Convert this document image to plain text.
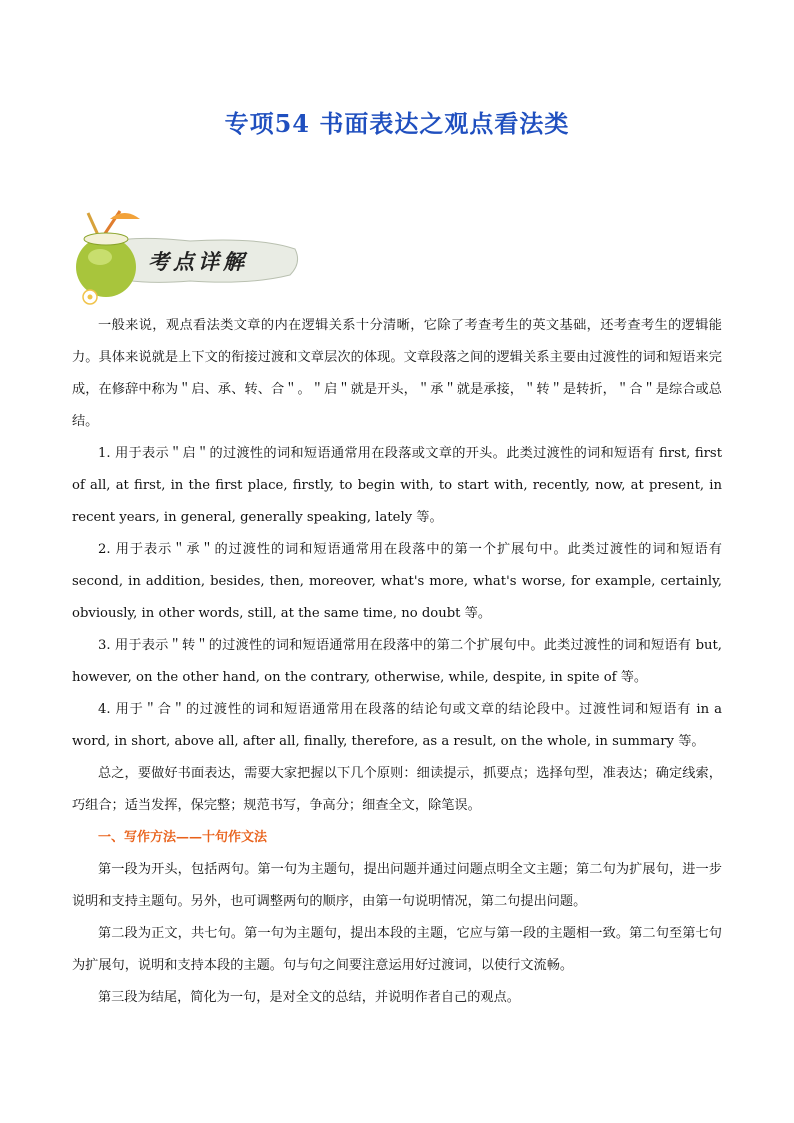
专项54 书面表达之观点看法类
考点详解

一般来说，观点看法类文章的内在逻辑关系十分清晰，它除了考查考生的英文基础，还考查考生的逻辑能力。具体来说就是上下文的衔接过渡和文章层次的体现。文章段落之间的逻辑关系主要由过渡性的词和短语来完成，在修辞中称为＂启、承、转、合＂。＂启＂就是开头，＂承＂就是承接，＂转＂是转折，＂合＂是综合或总结。

1. 用于表示＂启＂的过渡性的词和短语通常用在段落或文章的开头。此类过渡性的词和短语有 first, first of all, at first, in the first place, firstly, to begin with, to start with, recently, now, at present, in recent years, in general, generally speaking, lately 等。

2. 用于表示＂承＂的过渡性的词和短语通常用在段落中的第一个扩展句中。此类过渡性的词和短语有 second, in addition, besides, then, moreover, what's more, what's worse, for example, certainly, obviously, in other words, still, at the same time, no doubt 等。

3. 用于表示＂转＂的过渡性的词和短语通常用在段落中的第二个扩展句中。此类过渡性的词和短语有 but, however, on the other hand, on the contrary, otherwise, while, despite, in spite of 等。

4. 用于＂合＂的过渡性的词和短语通常用在段落的结论句或文章的结论段中。过渡性词和短语有 in a word, in short, above all, after all, finally, therefore, as a result, on the whole, in summary 等。

总之，要做好书面表达，需要大家把握以下几个原则：细读提示，抓要点；选择句型，准表达；确定线索，巧组合；适当发挥，保完整；规范书写，争高分；细查全文，除笔误。

一、写作方法——十句作文法

第一段为开头，包括两句。第一句为主题句，提出问题并通过问题点明全文主题；第二句为扩展句，进一步说明和支持主题句。另外，也可调整两句的顺序，由第一句说明情况，第二句提出问题。

第二段为正文，共七句。第一句为主题句，提出本段的主题，它应与第一段的主题相一致。第二句至第七句为扩展句，说明和支持本段的主题。句与句之间要注意运用好过渡词，以使行文流畅。

第三段为结尾，简化为一句，是对全文的总结，并说明作者自己的观点。
